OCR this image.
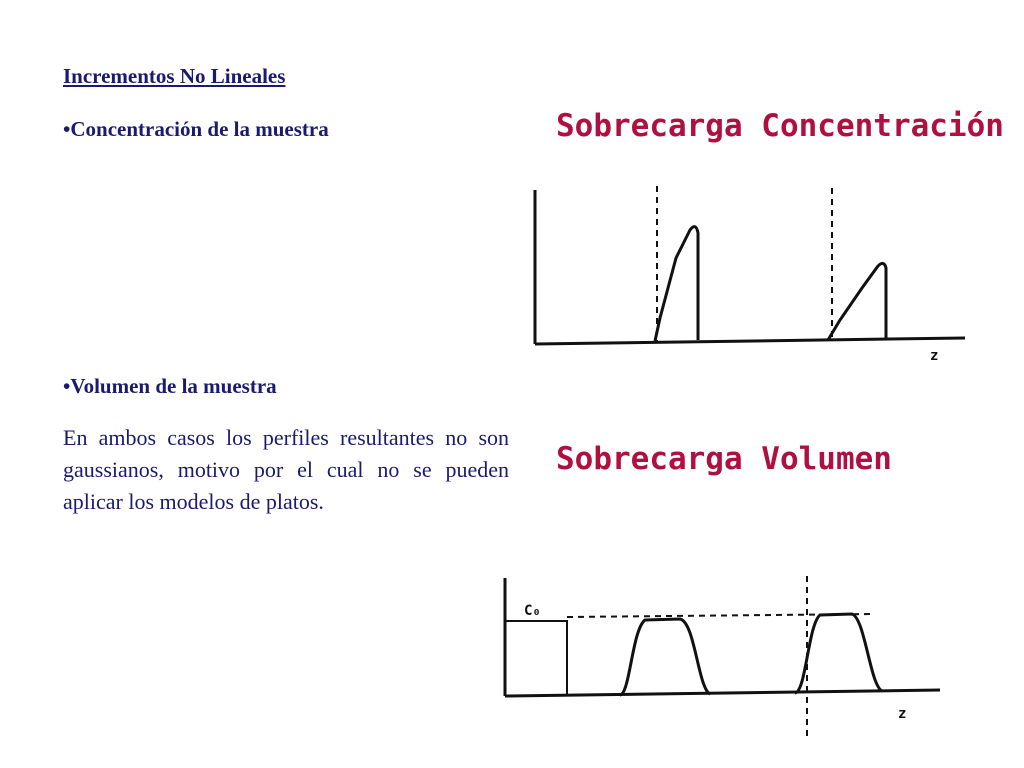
Incrementos No Lineales

•Concentración de la muestra

•Volumen de la muestra

En ambos casos los perfiles resultantes no son gaussianos, motivo por el cual no se pueden aplicar los modelos de platos.

Sobrecarga Concentración
Sobrecarga Volumen
z
C₀
z
